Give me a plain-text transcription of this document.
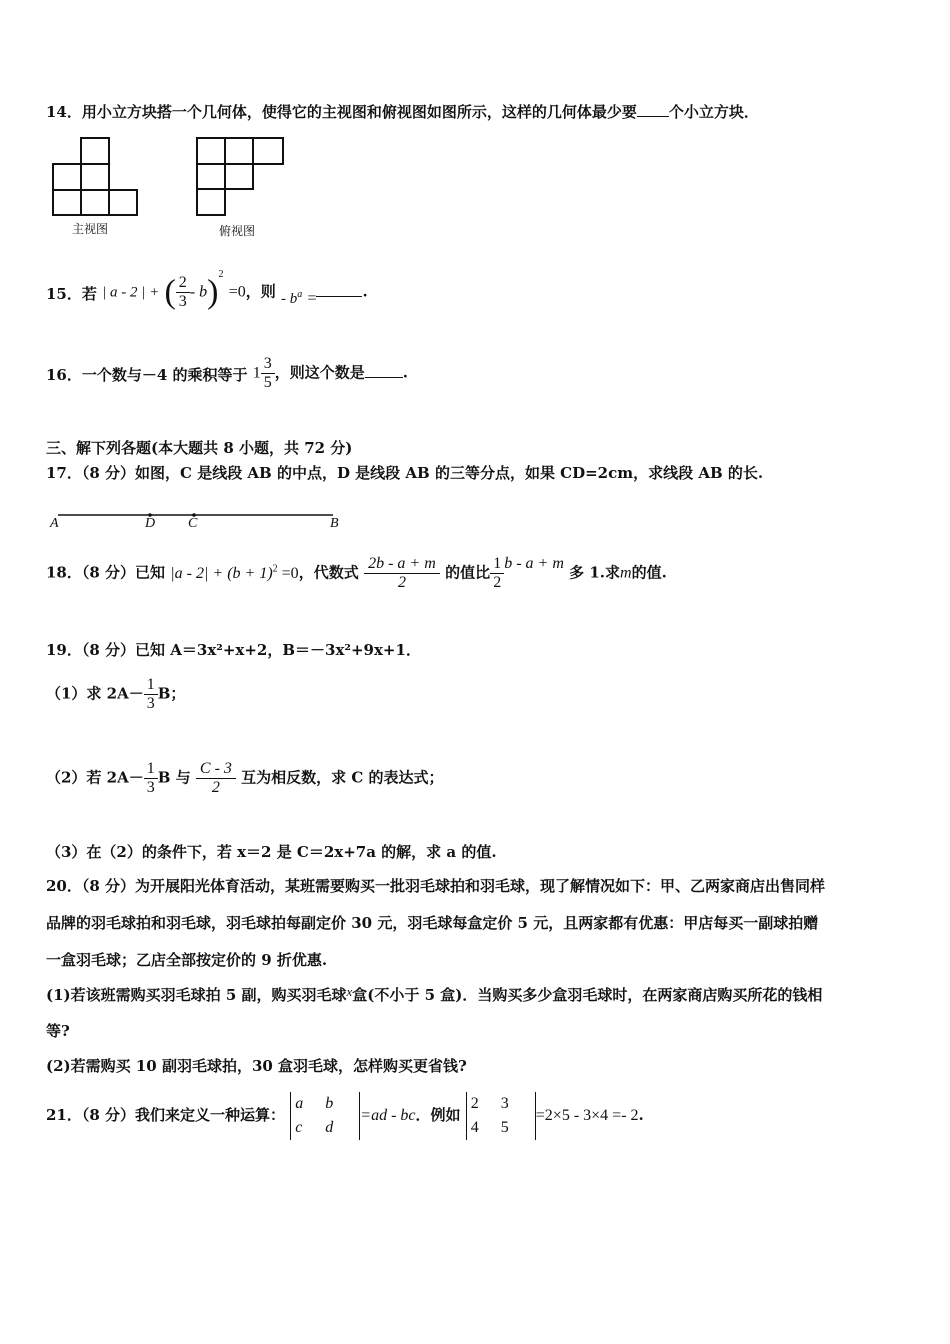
14．用小立方块搭一个几何体，使得它的主视图和俯视图如图所示，这样的几何体最少要 个小立方块．
主视图	俯视图
15．若 | a - 2 | + ( $\frac{2}{3} - b)^2 =0$，则 - $b^a$ =	.
16．一个数与－4 的乘积等于 $1 \frac{3}{5}$ ，则这个数是	.
三、解下列各题(本大题共 8 小题，共 72 分)
17．（8 分）如图，C 是线段 AB 的中点，D 是线段 AB 的三等分点，如果 CD=2cm，求线段 AB 的长.
A	D C	B
18．（8 分）已知 $|a - 2| + (b + 1)^2 =0$，代数式 $\frac{2b - a + m}{2}$ 的值比 $\frac{1}{2}$ b - a + m 多 1.求m的值.
19．（8 分）已知 A＝3x²+x+2，B＝－3x²+9x+1．
（1）求 $2A- \frac{1}{3}$ B；
（2）若 $2A- \frac{1}{3}$ B 与 $\frac{C - 3}{2}$ 互为相反数，求 C 的表达式；
（3）在（2）的条件下，若 x＝2 是 C＝2x+7a 的解，求 a 的值.
20．（8 分）为开展阳光体育活动，某班需要购买一批羽毛球拍和羽毛球，现了解情况如下：甲、乙两家商店出售同样
品牌的羽毛球拍和羽毛球，羽毛球拍每副定价 30 元，羽毛球每盒定价 5 元，且两家都有优惠：甲店每买一副球拍赠
一盒羽毛球；乙店全部按定价的 9 折优惠.
(1)若该班需购买羽毛球拍 5 副，购买羽毛球x盒(不小于 5 盒)．当购买多少盒羽毛球时，在两家商店购买所花的钱相
等?
(2)若需购买 10 副羽毛球拍，30 盒羽毛球，怎样购买更省钱?
21．（8 分）我们来定义一种运算： a b
c d=ad - bc．例如 2 3
4 5=2×5 - 3×4 =- 2.
